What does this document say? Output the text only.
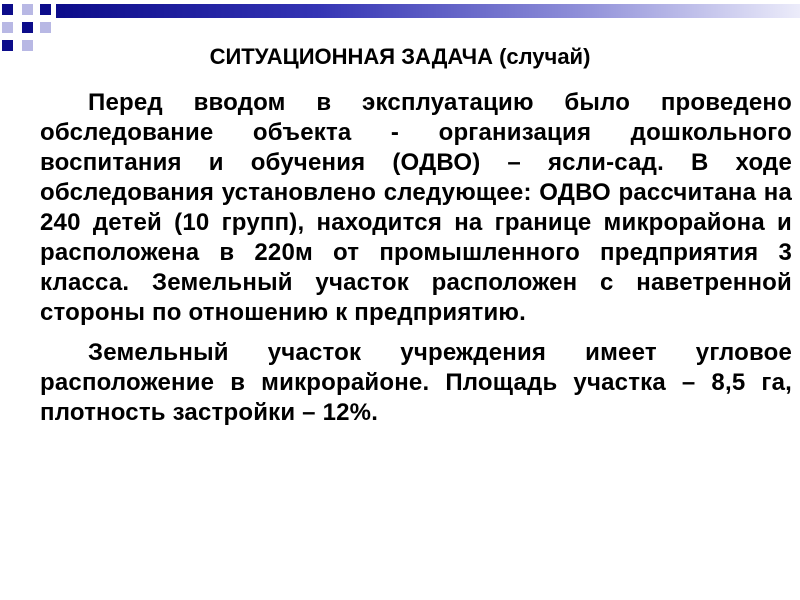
СИТУАЦИОННАЯ ЗАДАЧА (случай)

Перед вводом в эксплуатацию было проведено обследование объекта - организация дошкольного воспитания и обучения (ОДВО) – ясли-сад. В ходе обследования установлено следующее: ОДВО рассчитана на 240 детей (10 групп), находится на границе микрорайона и расположена в 220м от промышленного предприятия 3 класса. Земельный участок расположен с наветренной стороны по отношению к предприятию.

Земельный участок учреждения имеет угловое расположение в микрорайоне. Площадь участка – 8,5 га, плотность застройки – 12%.
